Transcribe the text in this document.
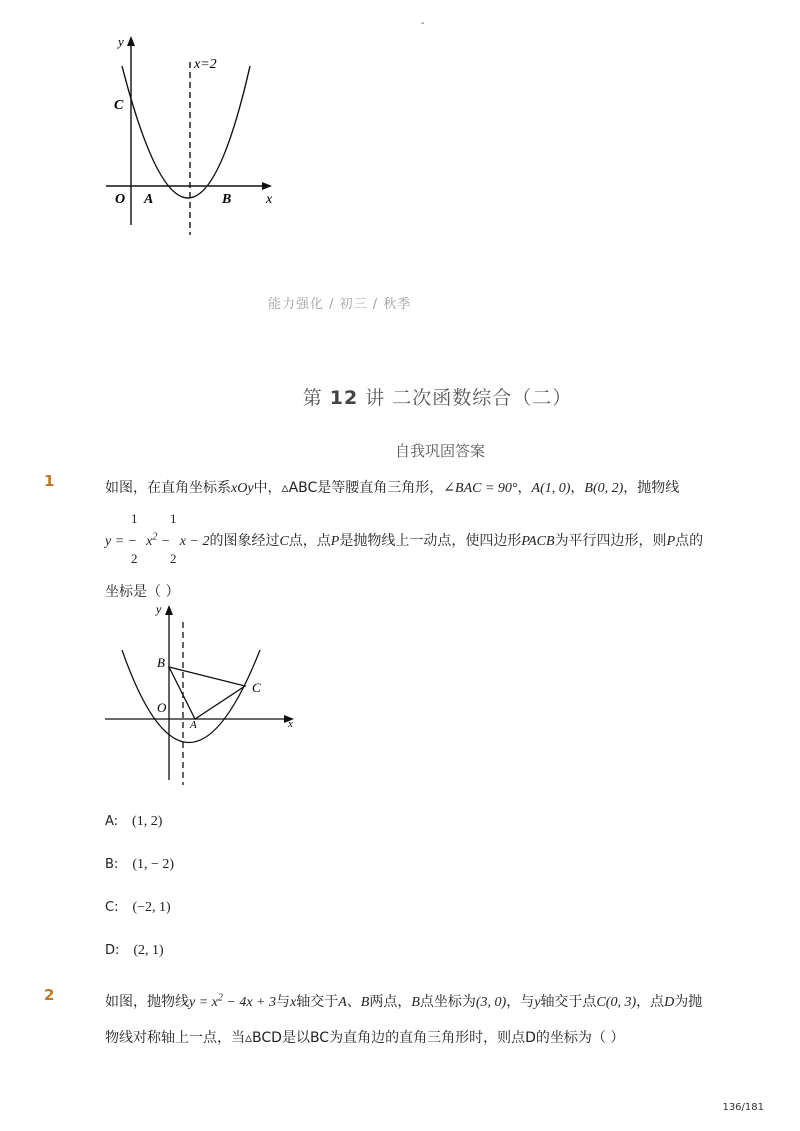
-
y
x
C
O A	B
x=2
能力强化 / 初三 / 秋季
第 12 讲 二次函数综合（二）
自我巩固答案
1	如图，在直角坐标系xOy中，▵ABC是等腰直角三角形，∠BAC = 90°，A(1, 0)，B(0, 2)，抛物线
1
2
1
2
y = − $x^2 - x - 2$的图象经过C点，点P是抛物线上一动点，使四边形PACB为平行四边形，则P点的
坐标是（ ）
y
x
B
C
O
A
A: (1, 2)
B: (1, − 2)
C: (−2, 1)
D: (2, 1)
2	如图，抛物线$y = x^2 - 4x + 3$与x轴交于A、B两点，B点坐标为(3, 0)，与y轴交于点C(0, 3)，点D为抛
物线对称轴上一点，当▵BCD是以BC为直角边的直角三角形时，则点D的坐标为（ ）
136/181
